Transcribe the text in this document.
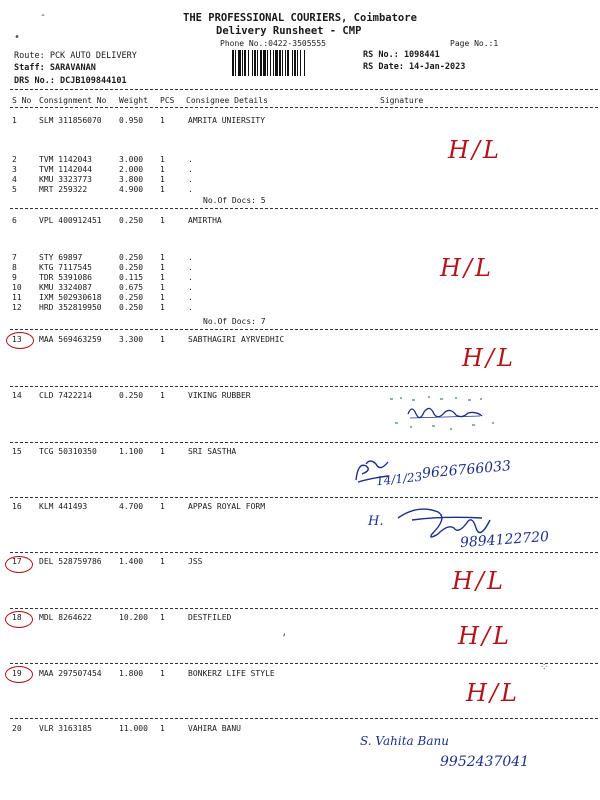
ˆ
•
THE PROFESSIONAL COURIERS, Coimbatore
Delivery Runsheet - CMP
Phone No.:0422-3505555	Page No.:1
Route: PCK AUTO DELIVERY
Staff: SARAVANAN
DRS No.: DCJB109844101
RS No.: 1098441
RS Date: 14-Jan-2023
S No Consignment No Weight PCS Consignee Details	Signature
1	SLM 311856070 0.950 1	AMRITA UNIERSITY
2	TVM 1142043	3.000 1	.
3	TVM 1142044	2.000 1	.
4	KMU 3323773	3.800 1	.
5	MRT 259322	4.900 1	.
6	VPL 400912451 0.250 1	AMIRTHA
7	STY 69897	0.250 1	.
8	KTG 7117545	0.250 1	.
9	TDR 5391086	0.115 1	.
10 KMU 3324087	0.675 1	.
11 IXM 502930618 0.250 1	.
12 HRD 352819950 0.250 1	.
13 MAA 569463259 3.300 1	SABTHAGIRI AYRVEDHIC
14 CLD 7422214	0.250 1	VIKING RUBBER
15 TCG 50310350	1.100 1	SRI SASTHA
16 KLM 441493	4.700 1	APPAS ROYAL FORM
17 DEL 528759786 1.400 1	JSS
18 MDL 8264622	10.200 1	DESTFILED
19 MAA 297507454 1.800 1	BONKERZ LIFE STYLE
20 VLR 3163185	11.000 1	VAHIRA BANU
No.Of Docs: 5
No.Of Docs: 7
H/L
H/L
H/L
H/L
H/L
H/L
14/1/23
9626766033
H.
9894122720
S. Vahita Banu
9952437041
⁘
ʼ
